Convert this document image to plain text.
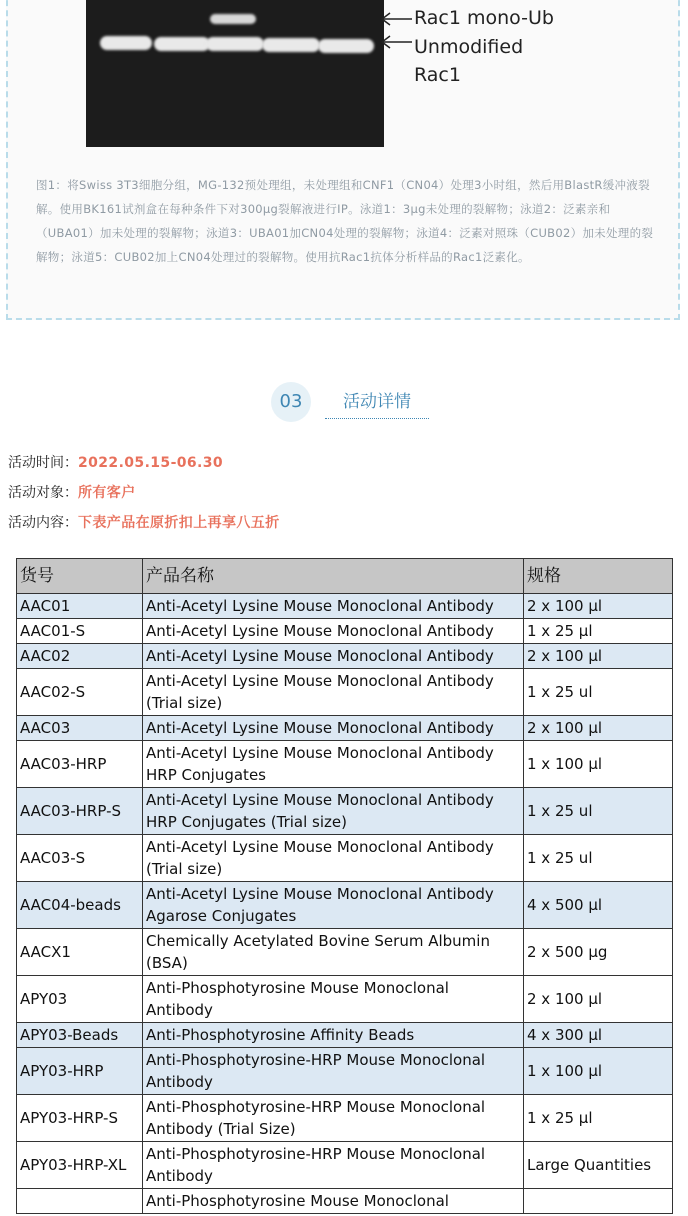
Rac1 mono-Ub
Unmodified
Rac1
图1：将Swiss 3T3细胞分组，MG-132预处理组，未处理组和CNF1（CN04）处理3小时组，然后用BlastR缓冲液裂解。使用BK161试剂盒在每种条件下对300μg裂解液进行IP。泳道1：3μg未处理的裂解物；泳道2：泛素亲和（UBA01）加未处理的裂解物；泳道3：UBA01加CN04处理的裂解物；泳道4：泛素对照珠（CUB02）加未处理的裂解物；泳道5：CUB02加上CN04处理过的裂解物。使用抗Rac1抗体分析样品的Rac1泛素化。
03	活动详情
活动时间：2022.05.15-06.30
活动对象：所有客户
活动内容：下表产品在原折扣上再享八五折
货号	产品名称	规格
AAC01	Anti-Acetyl Lysine Mouse Monoclonal Antibody	2 x 100 µl
AAC01-S	Anti-Acetyl Lysine Mouse Monoclonal Antibody	1 x 25 µl
AAC02	Anti-Acetyl Lysine Mouse Monoclonal Antibody	2 x 100 µl
AAC02-S	Anti-Acetyl Lysine Mouse Monoclonal Antibody (Trial size)	1 x 25 ul
AAC03	Anti-Acetyl Lysine Mouse Monoclonal Antibody	2 x 100 µl
AAC03-HRP	Anti-Acetyl Lysine Mouse Monoclonal Antibody HRP Conjugates	1 x 100 µl
AAC03-HRP-S	Anti-Acetyl Lysine Mouse Monoclonal Antibody HRP Conjugates (Trial size)	1 x 25 ul
AAC03-S	Anti-Acetyl Lysine Mouse Monoclonal Antibody (Trial size)	1 x 25 ul
AAC04-beads	Anti-Acetyl Lysine Mouse Monoclonal Antibody Agarose Conjugates	4 x 500 µl
AACX1	Chemically Acetylated Bovine Serum Albumin (BSA)	2 x 500 µg
APY03	Anti-Phosphotyrosine Mouse Monoclonal Antibody	2 x 100 µl
APY03-Beads	Anti-Phosphotyrosine Affinity Beads	4 x 300 µl
APY03-HRP	Anti-Phosphotyrosine-HRP Mouse Monoclonal Antibody	1 x 100 µl
APY03-HRP-S	Anti-Phosphotyrosine-HRP Mouse Monoclonal Antibody (Trial Size)	1 x 25 µl
APY03-HRP-XL	Anti-Phosphotyrosine-HRP Mouse Monoclonal Antibody	Large Quantities
	Anti-Phosphotyrosine Mouse Monoclonal	
